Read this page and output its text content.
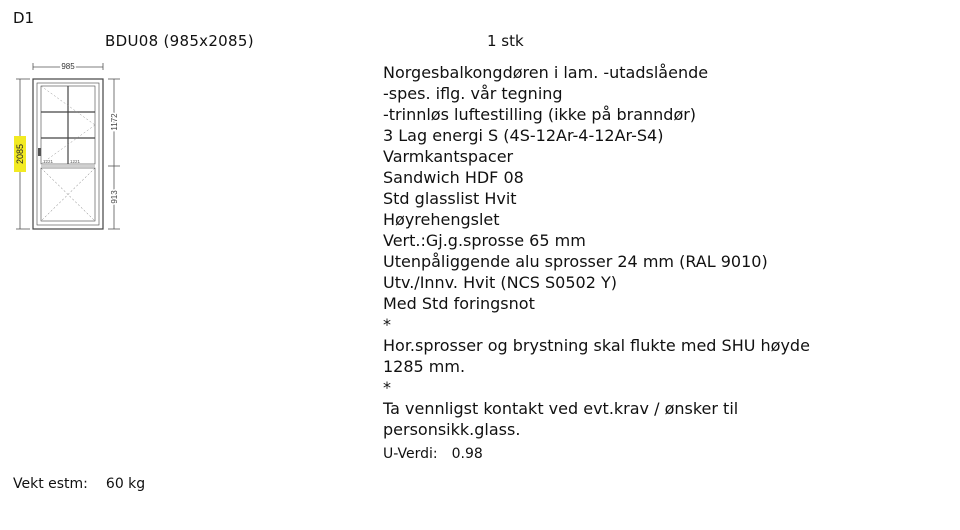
D1
BDU08 (985x2085)	1 stk
985
2085
1172
913
1221	1221
Norgesbalkongdøren i lam. -utadslående
-spes. iflg. vår tegning
-trinnløs luftestilling (ikke på branndør)
3 Lag energi S (4S-12Ar-4-12Ar-S4)
Varmkantspacer
Sandwich HDF 08
Std glasslist Hvit
Høyrehengslet
Vert.:Gj.g.sprosse 65 mm
Utenpåliggende alu sprosser 24 mm (RAL 9010)
Utv./Innv. Hvit (NCS S0502 Y)
Med Std foringsnot
*
Hor.sprosser og brystning skal flukte med SHU høyde
1285 mm.
*
Ta vennligst kontakt ved evt.krav / ønsker til
personsikk.glass.
U-Verdi: 0.98
Vekt estm: 60 kg
